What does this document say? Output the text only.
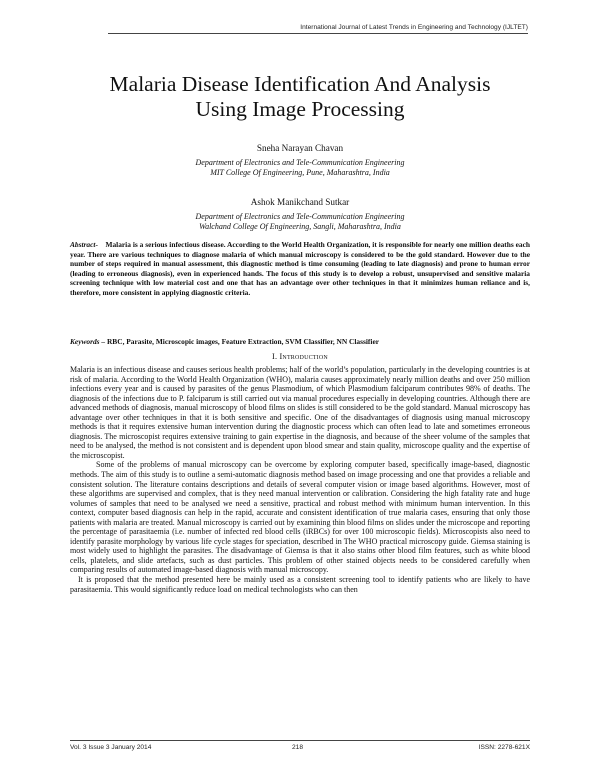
International Journal of Latest Trends in Engineering and Technology (IJLTET)
Malaria Disease Identification And Analysis
Using Image Processing
Sneha Narayan Chavan
Department of Electronics and Tele-Communication Engineering
MIT College Of Engineering, Pune, Maharashtra, India
Ashok Manikchand Sutkar
Department of Electronics and Tele-Communication Engineering
Walchand College Of Engineering, Sangli, Maharashtra, India
Abstract- Malaria is a serious infectious disease. According to the World Health Organization, it is responsible for nearly one million deaths each year. There are various techniques to diagnose malaria of which manual microscopy is considered to be the gold standard. However due to the number of steps required in manual assessment, this diagnostic method is time consuming (leading to late diagnosis) and prone to human error (leading to erroneous diagnosis), even in experienced hands. The focus of this study is to develop a robust, unsupervised and sensitive malaria screening technique with low material cost and one that has an advantage over other techniques in that it minimizes human reliance and is, therefore, more consistent in applying diagnostic criteria.
Keywords – RBC, Parasite, Microscopic images, Feature Extraction, SVM Classifier, NN Classifier
I. Introduction

Malaria is an infectious disease and causes serious health problems; half of the world’s population, particularly in the developing countries is at risk of malaria. According to the World Health Organization (WHO), malaria causes approximately nearly million deaths and over 250 million infections every year and is caused by parasites of the genus Plasmodium, of which Plasmodium falciparum contributes 98% of deaths. The diagnosis of the infections due to P. falciparum is still carried out via manual procedures especially in developing countries. Although there are advanced methods of diagnosis, manual microscopy of blood films on slides is still considered to be the gold standard. Manual microscopy has advantage over other techniques in that it is both sensitive and specific. One of the disadvantages of diagnosis using manual microscopy methods is that it requires extensive human intervention during the diagnostic process which can often lead to late and sometimes erroneous diagnosis. The microscopist requires extensive training to gain expertise in the diagnosis, and because of the sheer volume of the samples that need to be analysed, the method is not consistent and is dependent upon blood smear and stain quality, microscope quality and the expertise of the microscopist.

Some of the problems of manual microscopy can be overcome by exploring computer based, specifically image-based, diagnostic methods. The aim of this study is to outline a semi-automatic diagnosis method based on image processing and one that provides a reliable and consistent solution. The literature contains descriptions and details of several computer vision or image based algorithms. However, most of these algorithms are supervised and complex, that is they need manual intervention or calibration. Considering the high fatality rate and huge volumes of samples that need to be analysed we need a sensitive, practical and robust method with minimum human intervention. In this context, computer based diagnosis can help in the rapid, accurate and consistent identification of true malaria cases, ensuring that only those patients with malaria are treated. Manual microscopy is carried out by examining thin blood films on slides under the microscope and reporting the percentage of parasitaemia (i.e. number of infected red blood cells (iRBCs) for over 100 microscopic fields). Microscopists also need to identify parasite morphology by various life cycle stages for speciation, described in The WHO practical microscopy guide. Giemsa staining is most widely used to highlight the parasites. The disadvantage of Giemsa is that it also stains other blood film features, such as white blood cells, platelets, and slide artefacts, such as dust particles. This problem of other stained objects needs to be considered carefully when comparing results of automated image-based diagnosis with manual microscopy.

It is proposed that the method presented here be mainly used as a consistent screening tool to identify patients who are likely to have parasitaemia. This would significantly reduce load on medical technologists who can then

Vol. 3 Issue 3 January 2014	218	ISSN: 2278-621X
